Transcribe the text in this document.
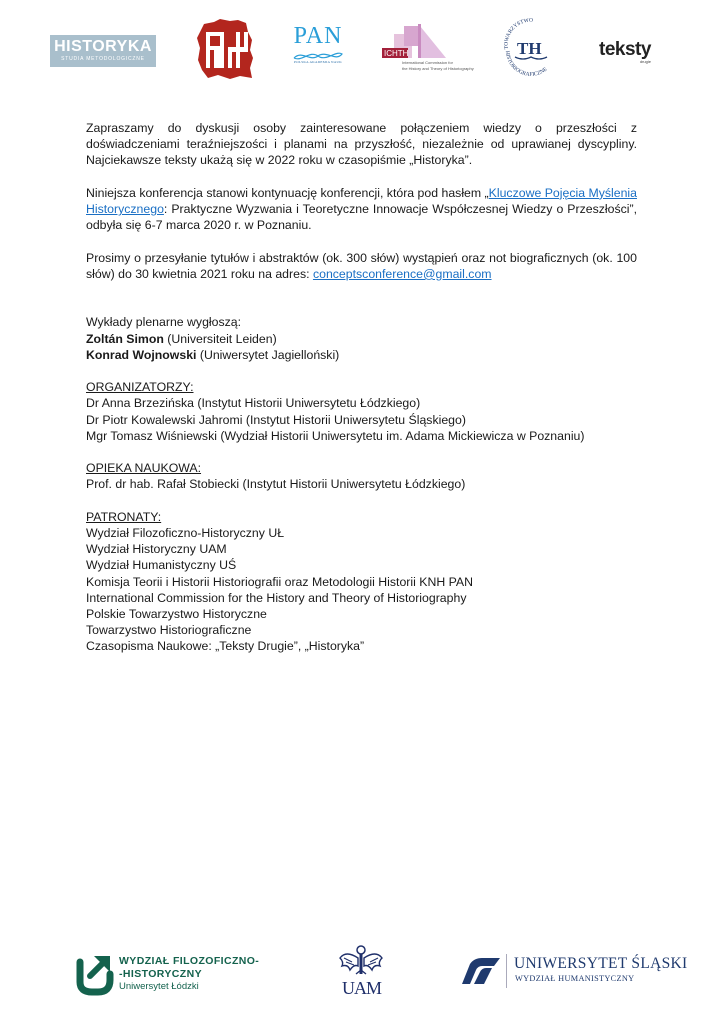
HISTORYKA
STUDIA METODOLOGICZNE
PAN
POLSKA AKADEMIA NAUK
ICHTH
International Commission for
the History and Theory of Historiography
TOWARZYSTWO
HISTORIOGRAFICZNE
TH	teksty
drugie

Zapraszamy do dyskusji osoby zainteresowane połączeniem wiedzy o przeszłości z doświadczeniami teraźniejszości i planami na przyszłość, niezależnie od uprawianej dyscypliny. Najciekawsze teksty ukażą się w 2022 roku w czasopiśmie „Historyka”.

Niniejsza konferencja stanowi kontynuację konferencji, która pod hasłem „Kluczowe Pojęcia Myślenia Historycznego: Praktyczne Wyzwania i Teoretyczne Innowacje Współczesnej Wiedzy o Przeszłości”, odbyła się 6-7 marca 2020 r. w Poznaniu.

Prosimy o przesyłanie tytułów i abstraktów (ok. 300 słów) wystąpień oraz not biograficznych (ok. 100 słów) do 30 kwietnia 2021 roku na adres: conceptsconference@gmail.com

Wykłady plenarne wygłoszą:

Zoltán Simon (Universiteit Leiden)

Konrad Wojnowski (Uniwersytet Jagielloński)

ORGANIZATORZY:

Dr Anna Brzezińska (Instytut Historii Uniwersytetu Łódzkiego)

Dr Piotr Kowalewski Jahromi (Instytut Historii Uniwersytetu Śląskiego)

Mgr Tomasz Wiśniewski (Wydział Historii Uniwersytetu im. Adama Mickiewicza w Poznaniu)

OPIEKA NAUKOWA:

Prof. dr hab. Rafał Stobiecki (Instytut Historii Uniwersytetu Łódzkiego)

PATRONATY:

Wydział Filozoficzno-Historyczny UŁ

Wydział Historyczny UAM

Wydział Humanistyczny UŚ

Komisja Teorii i Historii Historiografii oraz Metodologii Historii KNH PAN

International Commission for the History and Theory of Historiography

Polskie Towarzystwo Historyczne

Towarzystwo Historiograficzne

Czasopisma Naukowe: „Teksty Drugie”, „Historyka”

WYDZIAŁ FILOZOFICZNO-
-HISTORYCZNY
Uniwersytet Łódzki	UAM
UNIWERSYTET ŚLĄSKI
WYDZIAŁ HUMANISTYCZNY
